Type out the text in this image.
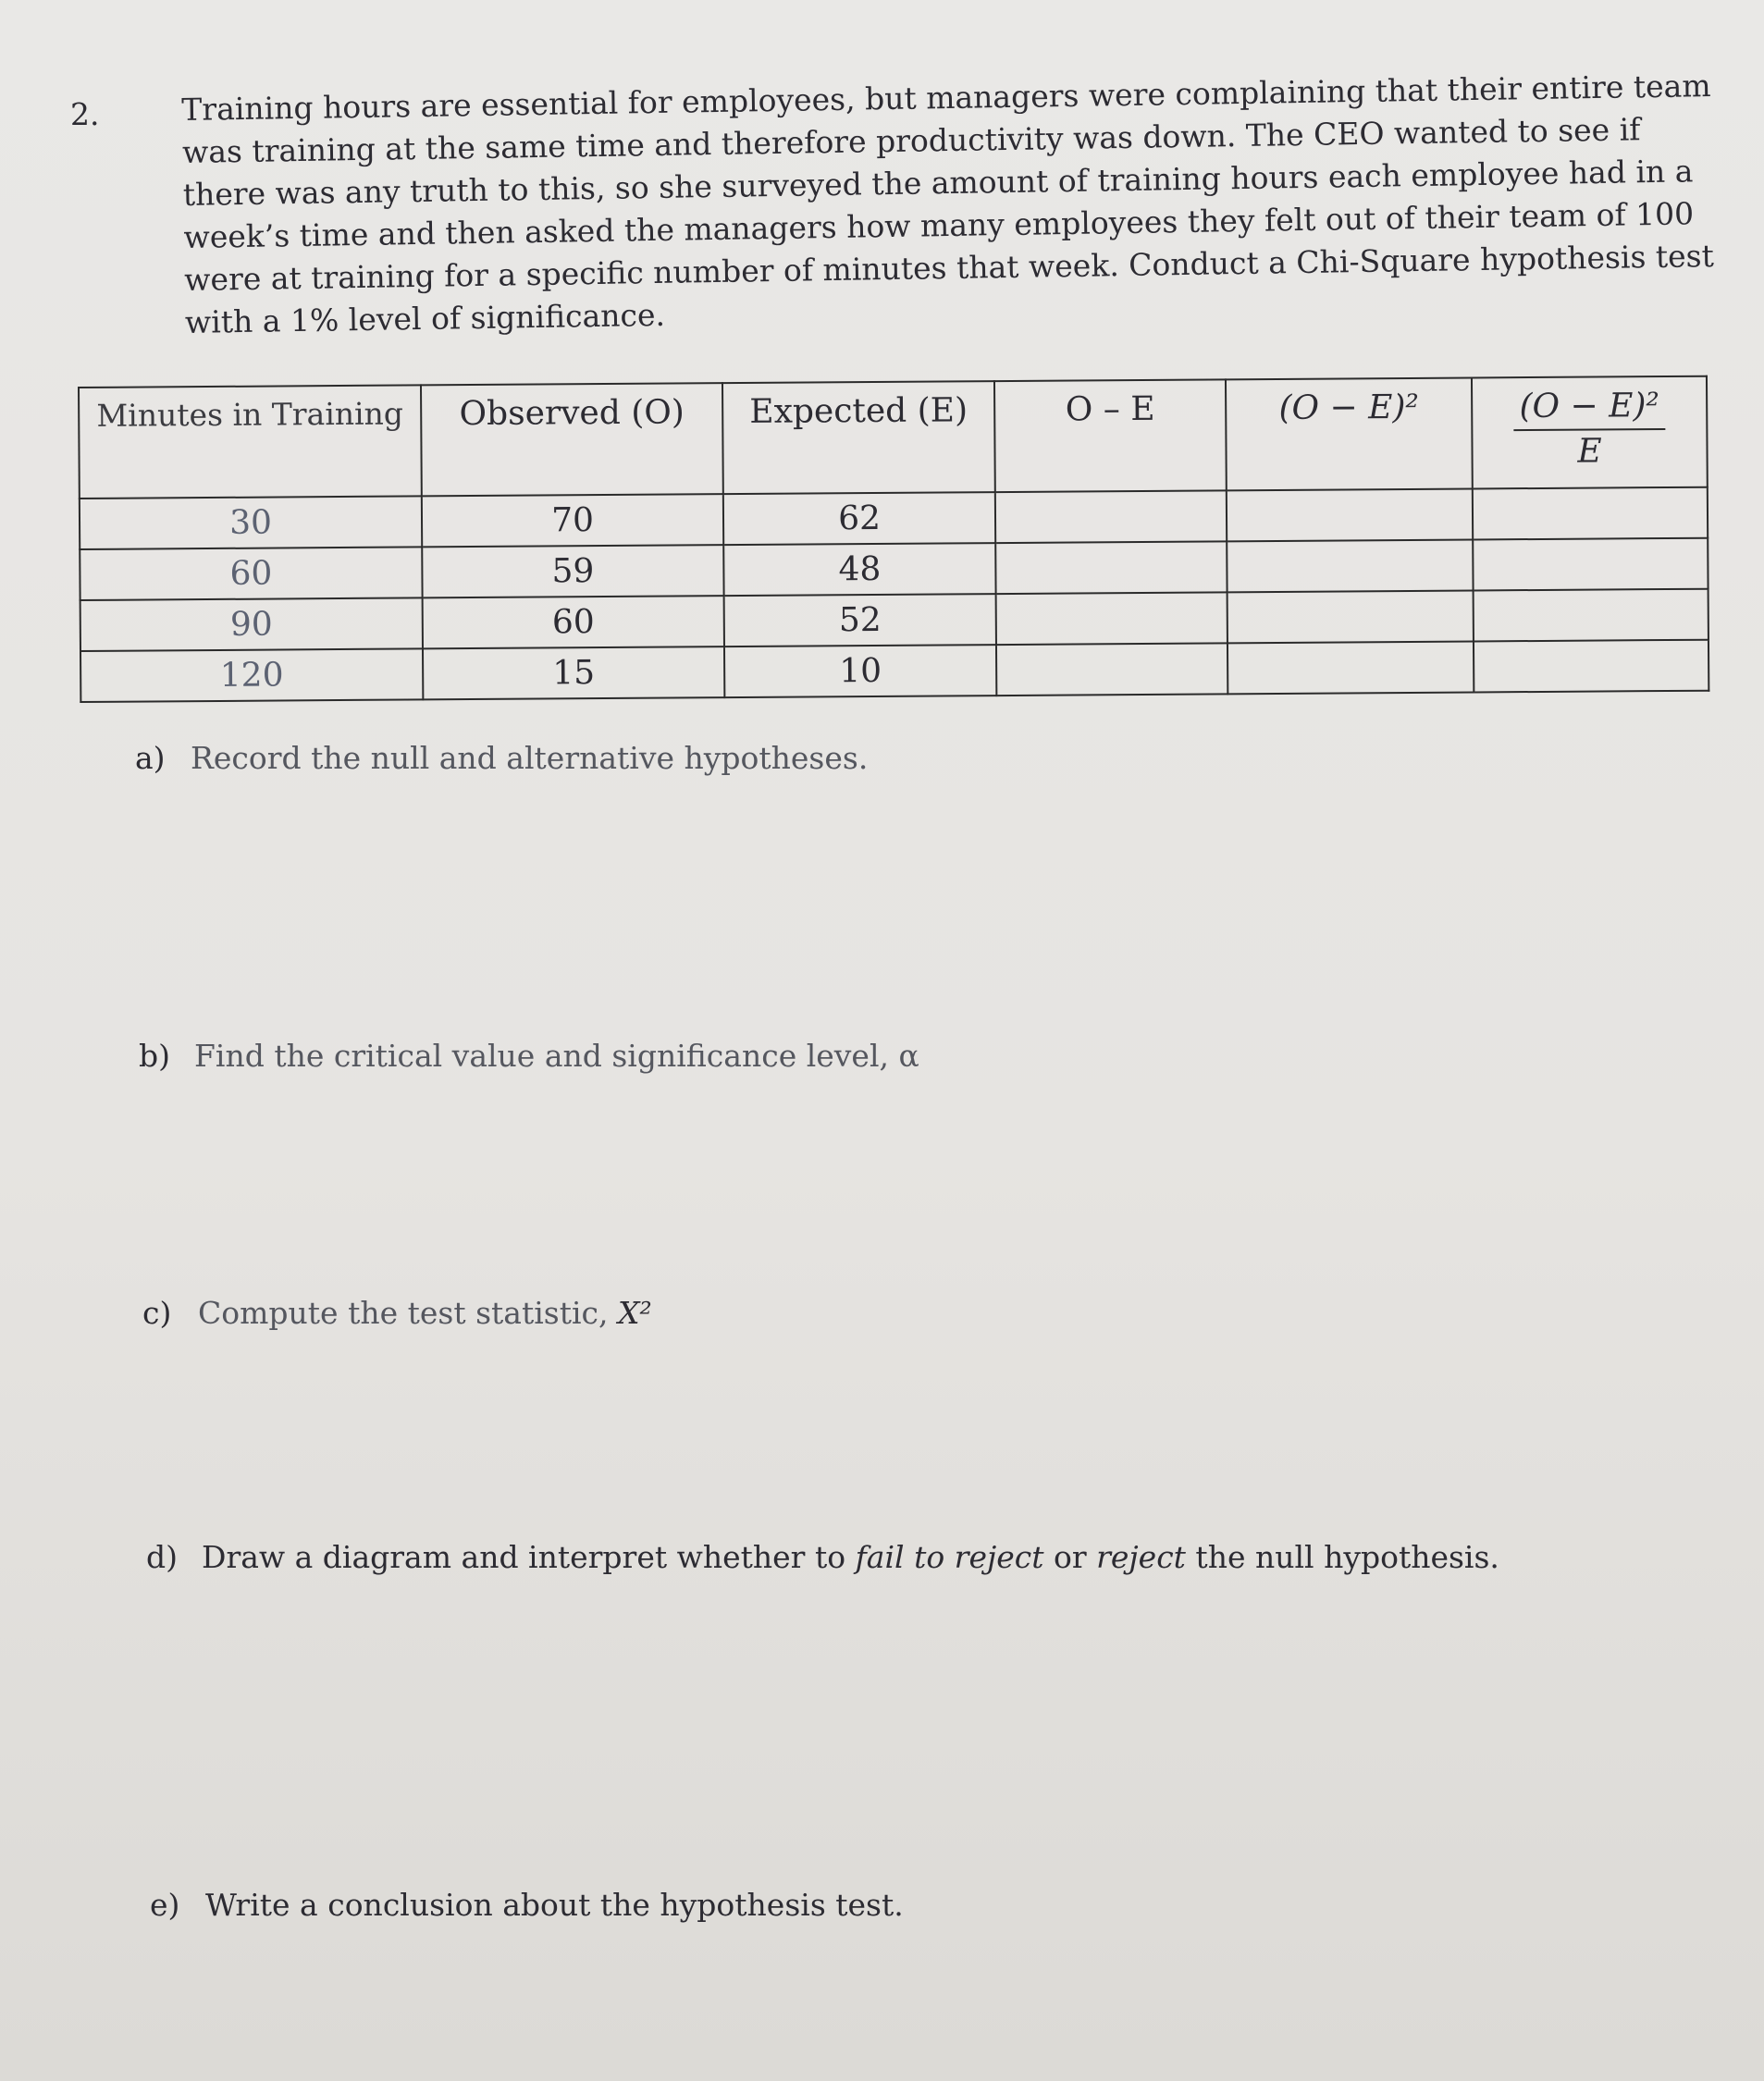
2.	Training hours are essential for employees, but managers were complaining that their entire team

was training at the same time and therefore productivity was down. The CEO wanted to see if

there was any truth to this, so she surveyed the amount of training hours each employee had in a

week’s time and then asked the managers how many employees they felt out of their team of 100

were at training for a specific number of minutes that week. Conduct a Chi-Square hypothesis test

with a 1% level of significance.

Minutes in Training	Observed (O)	Expected (E)	O – E	(O − E)²	$\frac{\text{(O − E)²}}{E}$

30	70	62			
60	59	48			
90	60	52			
120	15	10			
a) Record the null and alternative hypotheses.
b) Find the critical value and significance level, α
c) Compute the test statistic, X²
d) Draw a diagram and interpret whether to fail to reject or reject the null hypothesis.
e) Write a conclusion about the hypothesis test.
